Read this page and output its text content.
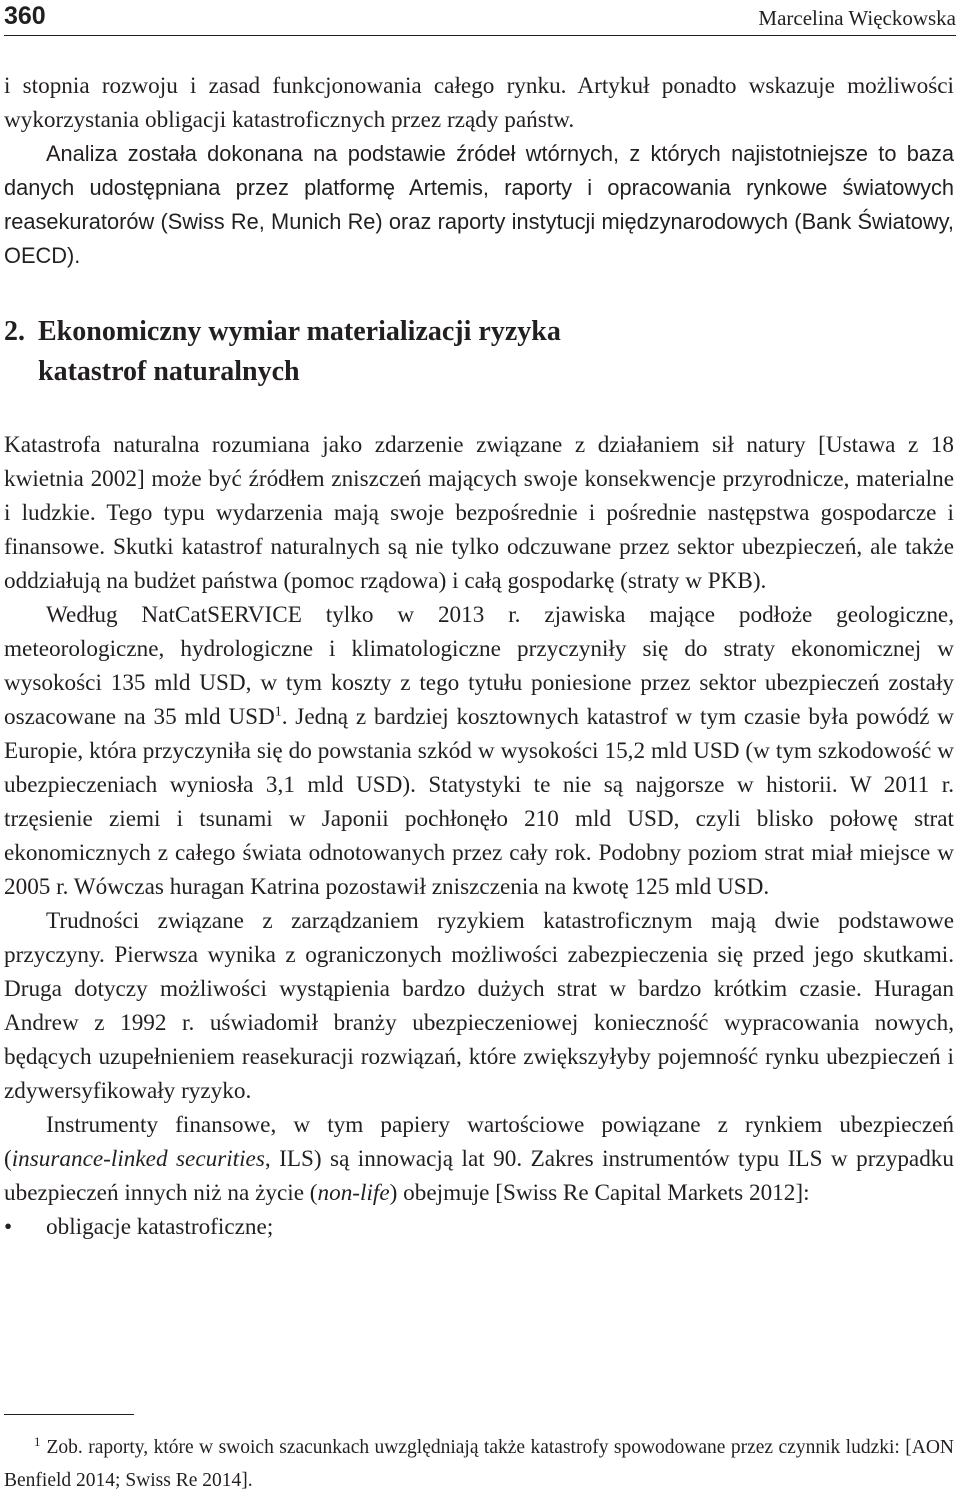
360	Marcelina Więckowska

i stopnia rozwoju i zasad funkcjonowania całego rynku. Artykuł ponadto wskazuje możliwości wykorzystania obligacji katastroficznych przez rządy państw.

Analiza została dokonana na podstawie źródeł wtórnych, z których najistotniejsze to baza danych udostępniana przez platformę Artemis, raporty i opracowania rynkowe światowych reasekuratorów (Swiss Re, Munich Re) oraz raporty instytucji międzynarodowych (Bank Światowy, OECD).

2. Ekonomiczny wymiar materializacji ryzyka
katastrof naturalnych

Katastrofa naturalna rozumiana jako zdarzenie związane z działaniem sił natury [Ustawa z 18 kwietnia 2002] może być źródłem zniszczeń mających swoje konsekwencje przyrodnicze, materialne i ludzkie. Tego typu wydarzenia mają swoje bezpośrednie i pośrednie następstwa gospodarcze i finansowe. Skutki katastrof naturalnych są nie tylko odczuwane przez sektor ubezpieczeń, ale także oddziałują na budżet państwa (pomoc rządowa) i całą gospodarkę (straty w PKB).

Według NatCatSERVICE tylko w 2013 r. zjawiska mające podłoże geologiczne, meteorologiczne, hydrologiczne i klimatologiczne przyczyniły się do straty ekonomicznej w wysokości 135 mld USD, w tym koszty z tego tytułu poniesione przez sektor ubezpieczeń zostały oszacowane na 35 mld USD$^1$. Jedną z bardziej kosztownych katastrof w tym czasie była powódź w Europie, która przyczyniła się do powstania szkód w wysokości 15,2 mld USD (w tym szkodowość w ubezpieczeniach wyniosła 3,1 mld USD). Statystyki te nie są najgorsze w historii. W 2011 r. trzęsienie ziemi i tsunami w Japonii pochłonęło 210 mld USD, czyli blisko połowę strat ekonomicznych z całego świata odnotowanych przez cały rok. Podobny poziom strat miał miejsce w 2005 r. Wówczas huragan Katrina pozostawił zniszczenia na kwotę 125 mld USD.

Trudności związane z zarządzaniem ryzykiem katastroficznym mają dwie podstawowe przyczyny. Pierwsza wynika z ograniczonych możliwości zabezpieczenia się przed jego skutkami. Druga dotyczy możliwości wystąpienia bardzo dużych strat w bardzo krótkim czasie. Huragan Andrew z 1992 r. uświadomił branży ubezpieczeniowej konieczność wypracowania nowych, będących uzupełnieniem reasekuracji rozwiązań, które zwiększyłyby pojemność rynku ubezpieczeń i zdywersyfikowały ryzyko.

Instrumenty finansowe, w tym papiery wartościowe powiązane z rynkiem ubezpieczeń (insurance-linked securities, ILS) są innowacją lat 90. Zakres instrumentów typu ILS w przypadku ubezpieczeń innych niż na życie (non-life) obejmuje [Swiss Re Capital Markets 2012]:

•	obligacje katastroficzne;
$^1$ Zob. raporty, które w swoich szacunkach uwzględniają także katastrofy spowodowane przez czynnik ludzki: [AON Benfield 2014; Swiss Re 2014].
